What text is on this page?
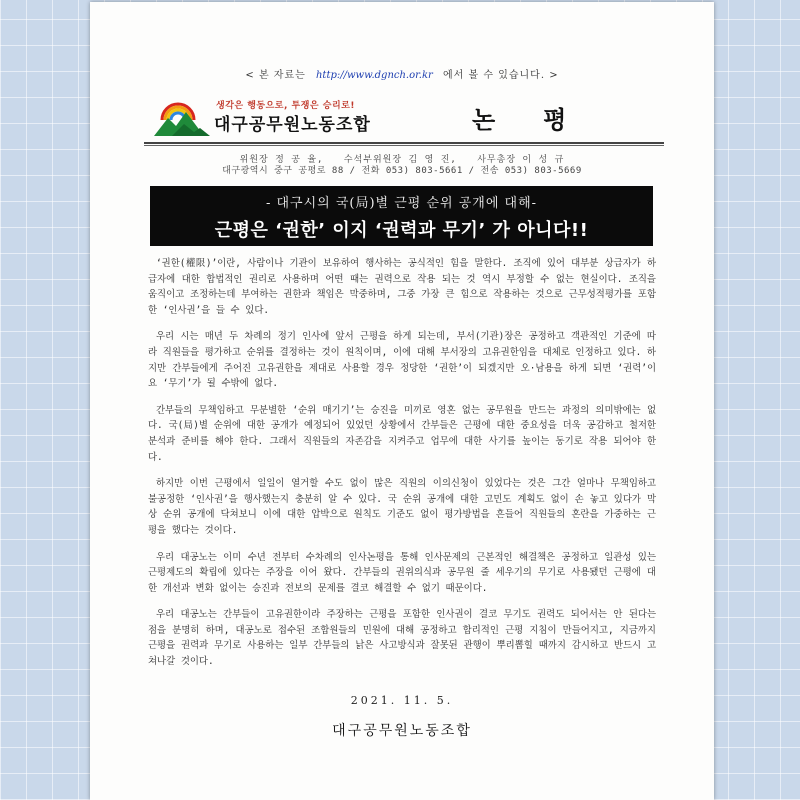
< 본 자료는 http://www.dgnch.or.kr 에서 볼 수 있습니다. >
생각은 행동으로, 투쟁은 승리로!
대구공무원노동조합	논평
위원장 정 공 율, 수석부위원장 김 영 진, 사무총장 이 성 규
대구광역시 중구 공평로 88 / 전화 053) 803-5661 / 전송 053) 803-5669
- 대구시의 국(局)별 근평 순위 공개에 대해-
근평은 ‘권한’ 이지 ‘권력과 무기’ 가 아니다!!

‘권한(權限)’이란, 사람이나 기관이 보유하여 행사하는 공식적인 힘을 말한다. 조직에 있어 대부분 상급자가 하급자에 대한 합법적인 권리로 사용하며 어떤 때는 권력으로 작용 되는 것 역시 부정할 수 없는 현실이다. 조직을 움직이고 조정하는데 부여하는 권한과 책임은 막중하며, 그중 가장 큰 힘으로 작용하는 것으로 근무성적평가를 포함한 ‘인사권’을 들 수 있다.

우리 시는 매년 두 차례의 정기 인사에 앞서 근평을 하게 되는데, 부서(기관)장은 공정하고 객관적인 기준에 따라 직원들을 평가하고 순위를 결정하는 것이 원칙이며, 이에 대해 부서장의 고유권한임을 대체로 인정하고 있다. 하지만 간부들에게 주어진 고유권한을 제대로 사용할 경우 정당한 ‘권한’이 되겠지만 오·남용을 하게 되면 ‘권력’이요 ‘무기’가 될 수밖에 없다.

간부들의 무책임하고 무분별한 ‘순위 매기기’는 승진을 미끼로 영혼 없는 공무원을 만드는 과정의 의미밖에는 없다. 국(局)별 순위에 대한 공개가 예정되어 있었던 상황에서 간부들은 근평에 대한 중요성을 더욱 공감하고 철저한 분석과 준비를 해야 한다. 그래서 직원들의 자존감을 지켜주고 업무에 대한 사기를 높이는 동기로 작용 되어야 한다.

하지만 이번 근평에서 일일이 열거할 수도 없이 많은 직원의 이의신청이 있었다는 것은 그간 얼마나 무책임하고 불공정한 ‘인사권’을 행사했는지 충분히 알 수 있다. 국 순위 공개에 대한 고민도 계획도 없이 손 놓고 있다가 막상 순위 공개에 닥쳐보니 이에 대한 압박으로 원칙도 기준도 없이 평가방법을 흔들어 직원들의 혼란을 가중하는 근평을 했다는 것이다.

우리 대공노는 이미 수년 전부터 수차례의 인사논평을 통해 인사문제의 근본적인 해결책은 공정하고 일관성 있는 근평제도의 확립에 있다는 주장을 이어 왔다. 간부들의 권위의식과 공무원 줄 세우기의 무기로 사용됐던 근평에 대한 개선과 변화 없이는 승진과 전보의 문제를 결코 해결할 수 없기 때문이다.

우리 대공노는 간부들이 고유권한이라 주장하는 근평을 포함한 인사권이 결코 무기도 권력도 되어서는 안 된다는 점을 분명히 하며, 대공노로 접수된 조합원들의 민원에 대해 공정하고 합리적인 근평 지침이 만들어지고, 지금까지 근평을 권력과 무기로 사용하는 일부 간부들의 낡은 사고방식과 잘못된 관행이 뿌리뽑힐 때까지 감시하고 반드시 고쳐나갈 것이다.

2021. 11. 5.
대구공무원노동조합
